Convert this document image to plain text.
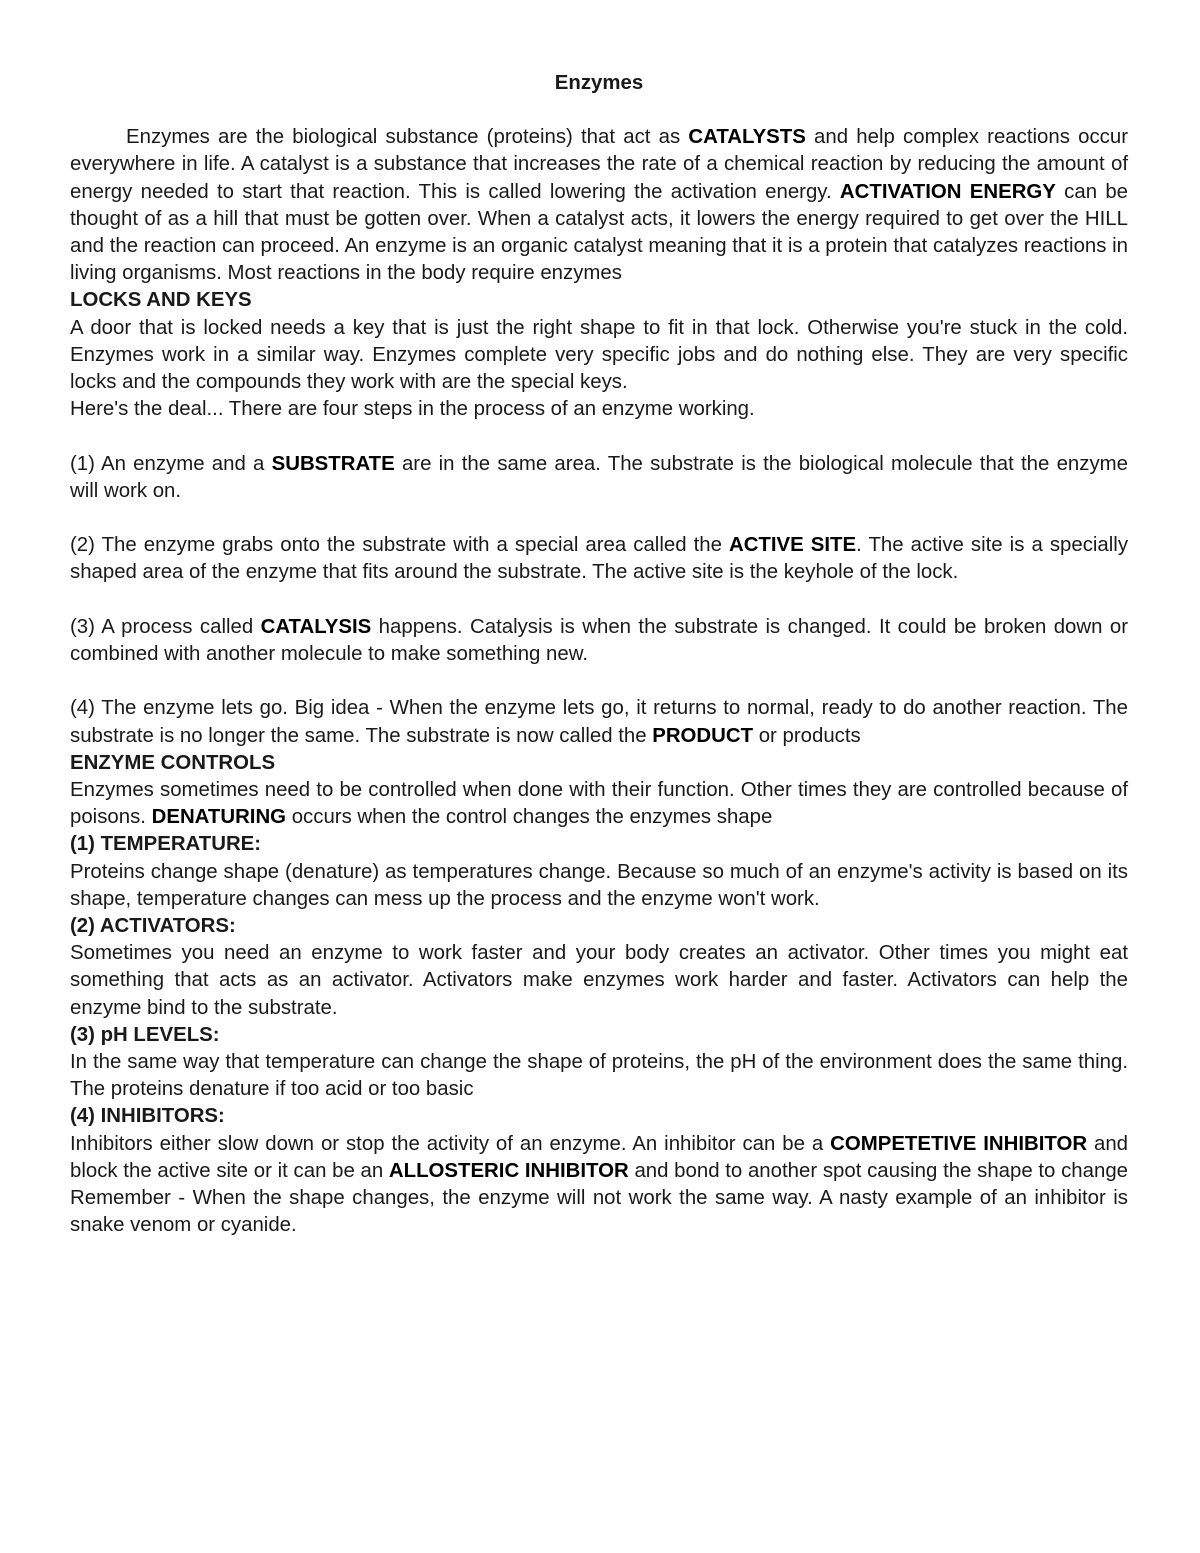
Enzymes

Enzymes are the biological substance (proteins) that act as CATALYSTS and help complex reactions occur everywhere in life. A catalyst is a substance that increases the rate of a chemical reaction by reducing the amount of energy needed to start that reaction. This is called lowering the activation energy. ACTIVATION ENERGY can be thought of as a hill that must be gotten over. When a catalyst acts, it lowers the energy required to get over the HILL and the reaction can proceed. An enzyme is an organic catalyst meaning that it is a protein that catalyzes reactions in living organisms. Most reactions in the body require enzymes

LOCKS AND KEYS

A door that is locked needs a key that is just the right shape to fit in that lock. Otherwise you're stuck in the cold. Enzymes work in a similar way. Enzymes complete very specific jobs and do nothing else. They are very specific locks and the compounds they work with are the special keys.

Here's the deal... There are four steps in the process of an enzyme working.

(1) An enzyme and a SUBSTRATE are in the same area. The substrate is the biological molecule that the enzyme will work on.

(2) The enzyme grabs onto the substrate with a special area called the ACTIVE SITE. The active site is a specially shaped area of the enzyme that fits around the substrate. The active site is the keyhole of the lock.

(3) A process called CATALYSIS happens. Catalysis is when the substrate is changed. It could be broken down or combined with another molecule to make something new.

(4) The enzyme lets go. Big idea - When the enzyme lets go, it returns to normal, ready to do another reaction. The substrate is no longer the same. The substrate is now called the PRODUCT or products

ENZYME CONTROLS

Enzymes sometimes need to be controlled when done with their function. Other times they are controlled because of poisons. DENATURING occurs when the control changes the enzymes shape

(1) TEMPERATURE:

Proteins change shape (denature) as temperatures change. Because so much of an enzyme's activity is based on its shape, temperature changes can mess up the process and the enzyme won't work.

(2) ACTIVATORS:

Sometimes you need an enzyme to work faster and your body creates an activator. Other times you might eat something that acts as an activator. Activators make enzymes work harder and faster. Activators can help the enzyme bind to the substrate.

(3) pH LEVELS:

In the same way that temperature can change the shape of proteins, the pH of the environment does the same thing. The proteins denature if too acid or too basic

(4) INHIBITORS:

Inhibitors either slow down or stop the activity of an enzyme. An inhibitor can be a COMPETETIVE INHIBITOR and block the active site or it can be an ALLOSTERIC INHIBITOR and bond to another spot causing the shape to change Remember - When the shape changes, the enzyme will not work the same way. A nasty example of an inhibitor is snake venom or cyanide.
